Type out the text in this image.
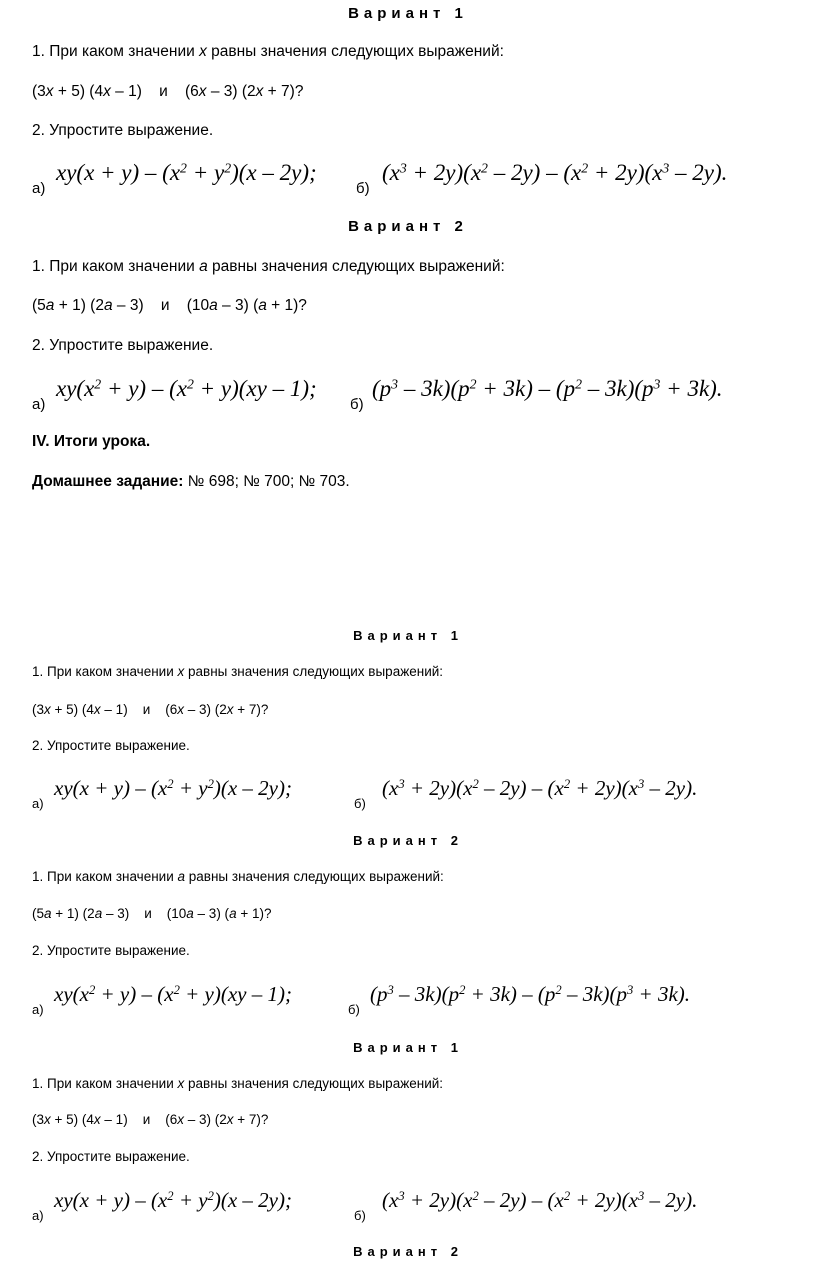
Вариант 1
1. При каком значении x равны значения следующих выражений:
(3x + 5) (4x – 1)    и    (6x – 3) (2x + 7)?
2. Упростите выражение.
а)
$xy(x + y) - (x^2 + y^2)(x - 2y)$;
б)
$(x^3 + 2y)(x^2 - 2y) - (x^2 + 2y)(x^3 - 2y)$.
Вариант 2
1. При каком значении a равны значения следующих выражений:
(5a + 1) (2a – 3)    и    (10a – 3) (a + 1)?
2. Упростите выражение.
а)
$xy(x^2 + y) - (x^2 + y)(xy - 1)$;
б)
$(p^3 - 3k)(p^2 + 3k) - (p^2 - 3k)(p^3 + 3k)$.
IV. Итоги урока.
Домашнее задание: № 698; № 700; № 703.
Вариант 1
1. При каком значении x равны значения следующих выражений:
(3x + 5) (4x – 1)    и    (6x – 3) (2x + 7)?
2. Упростите выражение.
а)
$xy(x + y) - (x^2 + y^2)(x - 2y)$;
б)
$(x^3 + 2y)(x^2 - 2y) - (x^2 + 2y)(x^3 - 2y)$.
Вариант 2
1. При каком значении a равны значения следующих выражений:
(5a + 1) (2a – 3)    и    (10a – 3) (a + 1)?
2. Упростите выражение.
а)
$xy(x^2 + y) - (x^2 + y)(xy - 1)$;
б)
$(p^3 - 3k)(p^2 + 3k) - (p^2 - 3k)(p^3 + 3k)$.
Вариант 1
1. При каком значении x равны значения следующих выражений:
(3x + 5) (4x – 1)    и    (6x – 3) (2x + 7)?
2. Упростите выражение.
а)
$xy(x + y) - (x^2 + y^2)(x - 2y)$;
б)
$(x^3 + 2y)(x^2 - 2y) - (x^2 + 2y)(x^3 - 2y)$.
Вариант 2
